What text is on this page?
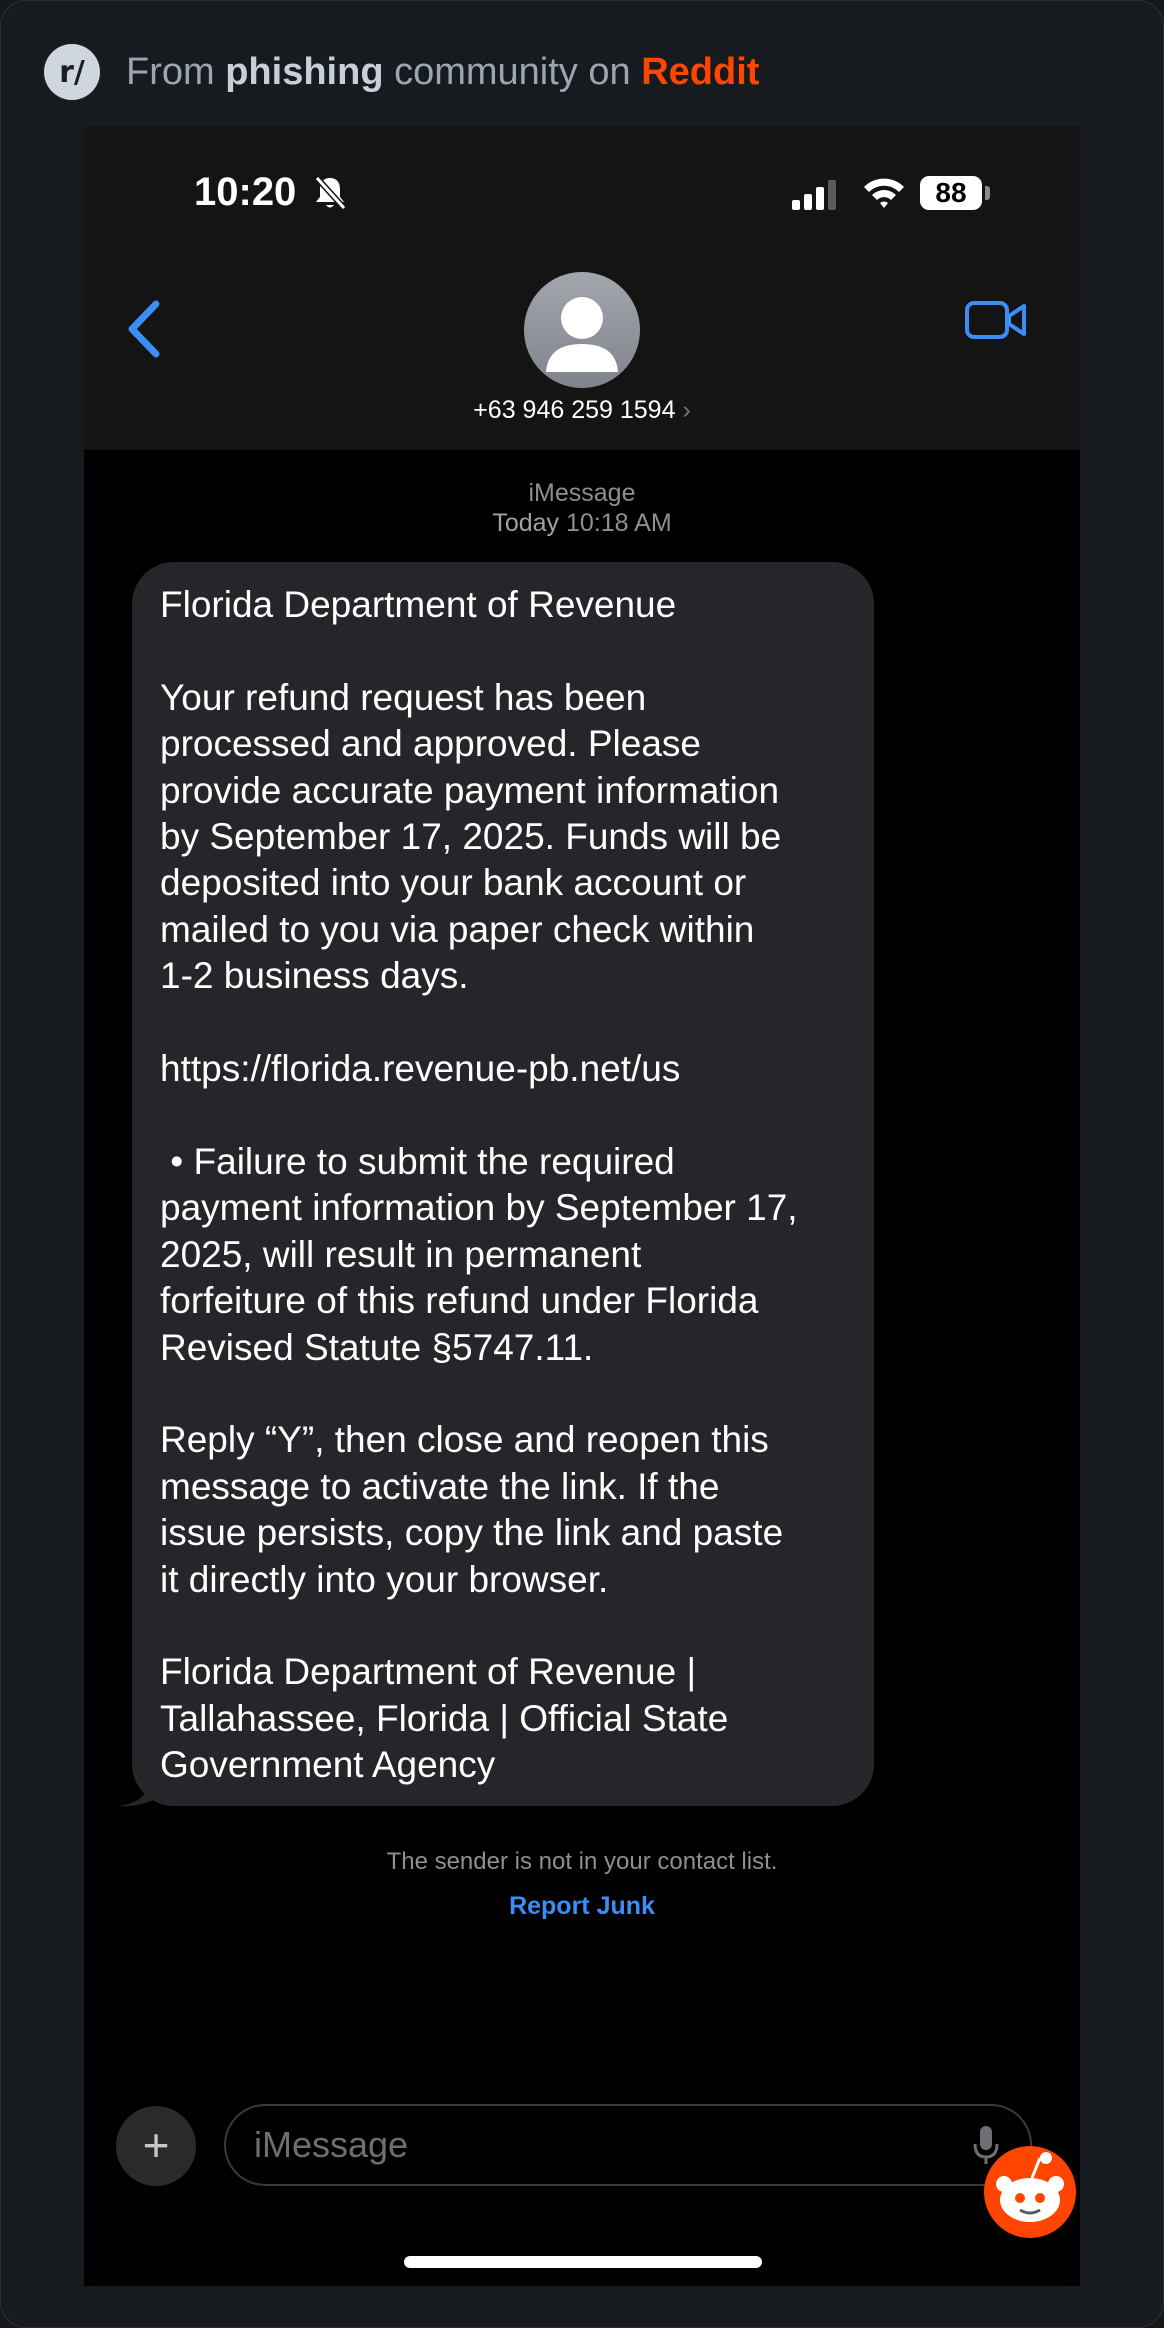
r/	From phishing community on Reddit
10:20	88
+63 946 259 1594 ›
iMessage
Today 10:18 AM

Florida Department of Revenue

Your refund request has been
processed and approved. Please
provide accurate payment information
by September 17, 2025. Funds will be
deposited into your bank account or
mailed to you via paper check within
1-2 business days.

https://florida.revenue-pb.net/us

• Failure to submit the required
payment information by September 17,
2025, will result in permanent
forfeiture of this refund under Florida
Revised Statute §5747.11.

Reply “Y”, then close and reopen this
message to activate the link. If the
issue persists, copy the link and paste
it directly into your browser.

Florida Department of Revenue |
Tallahassee, Florida | Official State
Government Agency

The sender is not in your contact list.
Report Junk
+	iMessage
